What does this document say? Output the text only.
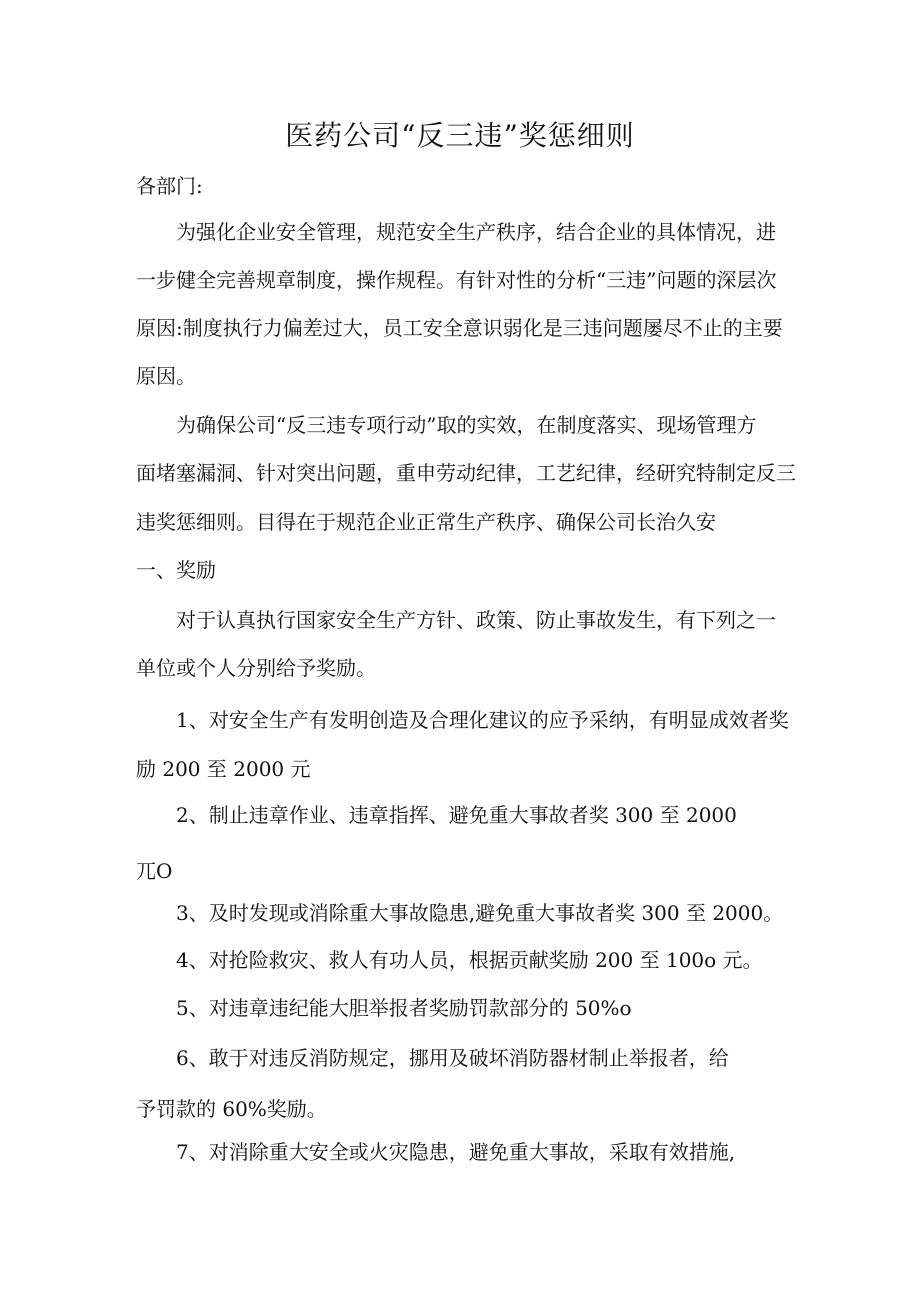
医药公司“反三违”奖惩细则
各部门:
为强化企业安全管理，规范安全生产秩序，结合企业的具体情况，进
一步健全完善规章制度，操作规程。有针对性的分析“三违”问题的深层次
原因:制度执行力偏差过大，员工安全意识弱化是三违问题屡尽不止的主要
原因。
为确保公司“反三违专项行动”取的实效，在制度落实、现场管理方
面堵塞漏洞、针对突出问题，重申劳动纪律，工艺纪律，经研究特制定反三
违奖惩细则。目得在于规范企业正常生产秩序、确保公司长治久安
一、奖励
对于认真执行国家安全生产方针、政策、防止事故发生，有下列之一
单位或个人分别给予奖励。
1、对安全生产有发明创造及合理化建议的应予采纳，有明显成效者奖
励 200 至 2000 元
2、制止违章作业、违章指挥、避免重大事故者奖 300 至 2000
兀O
3、及时发现或消除重大事故隐患,避免重大事故者奖 300 至 2000。
4、对抢险救灾、救人有功人员，根据贡献奖励 200 至 100o 元。
5、对违章违纪能大胆举报者奖励罚款部分的 50%o
6、敢于对违反消防规定，挪用及破坏消防器材制止举报者，给
予罚款的 60%奖励。
7、对消除重大安全或火灾隐患，避免重大事故，采取有效措施,
